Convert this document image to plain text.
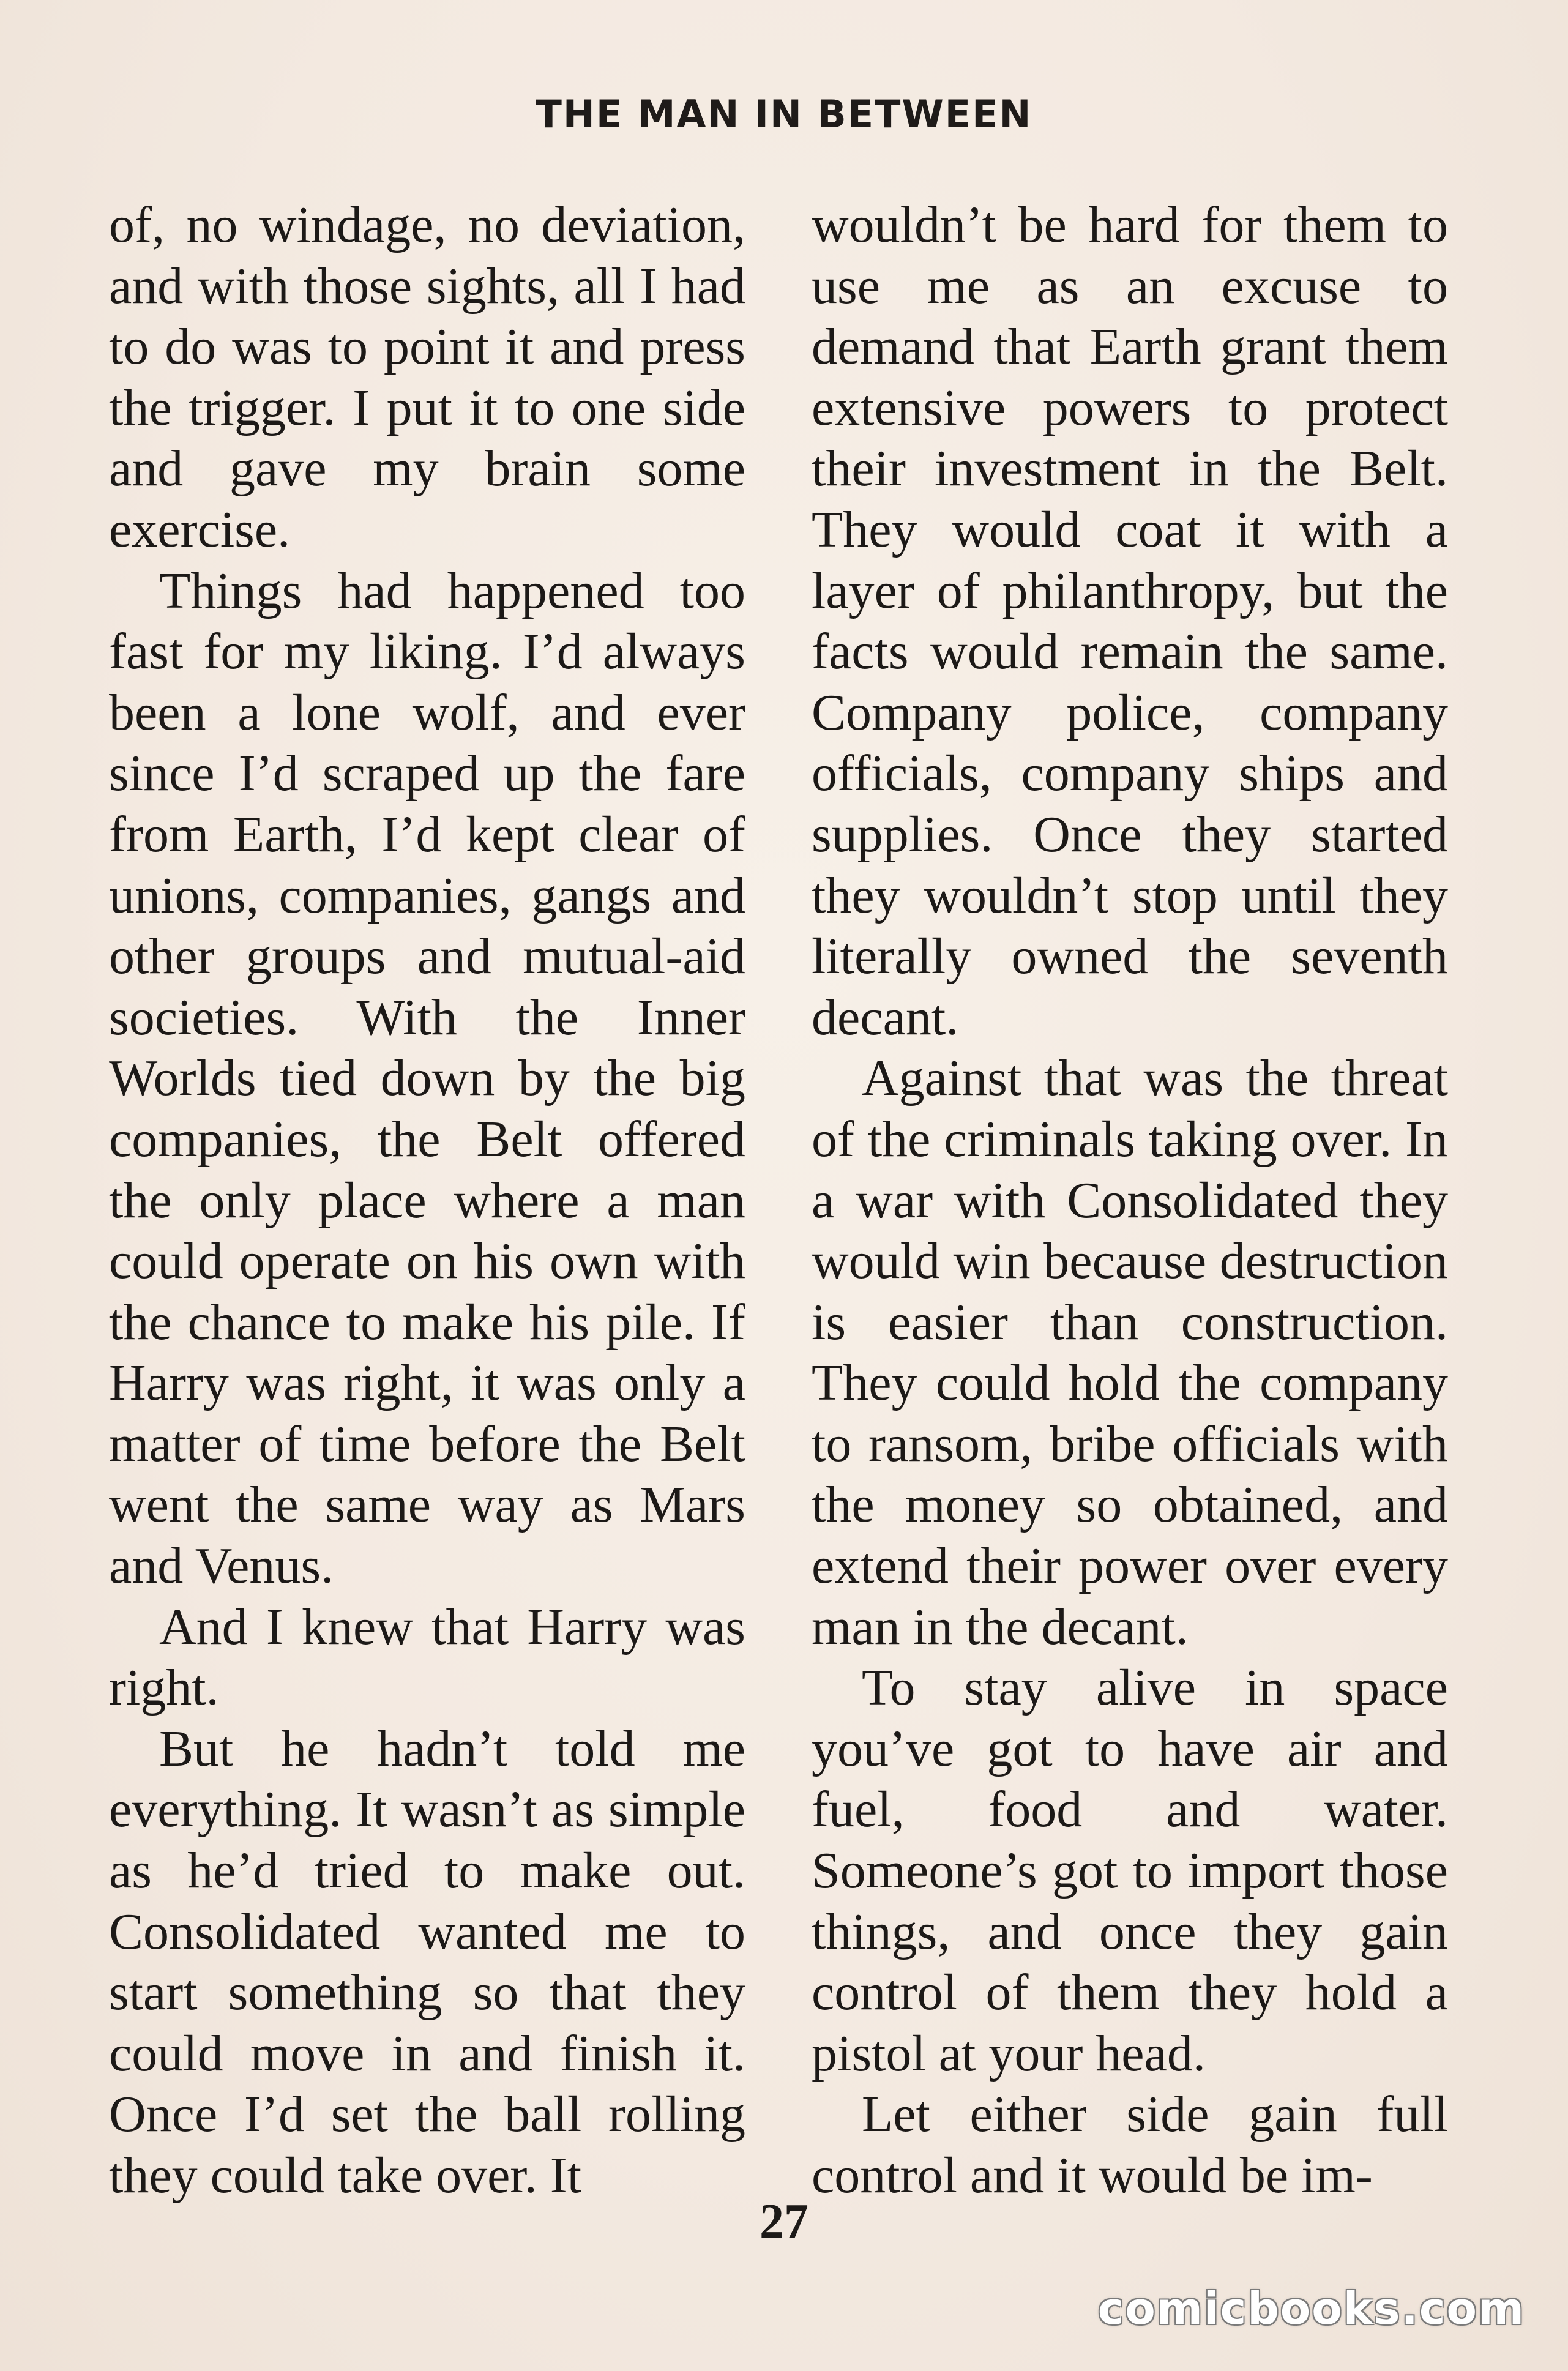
THE MAN IN BETWEEN

of, no windage, no deviation, and with those sights, all I had to do was to point it and press the trigger. I put it to one side and gave my brain some exercise.

Things had happened too fast for my liking. I’d always been a lone wolf, and ever since I’d scraped up the fare from Earth, I’d kept clear of unions, companies, gangs and other groups and mutual-aid societies. With the Inner Worlds tied down by the big companies, the Belt offered the only place where a man could operate on his own with the chance to make his pile. If Harry was right, it was only a matter of time before the Belt went the same way as Mars and Venus.

And I knew that Harry was right.

But he hadn’t told me everything. It wasn’t as simple as he’d tried to make out. Consolidated wanted me to start something so that they could move in and finish it. Once I’d set the ball rolling they could take over. It

wouldn’t be hard for them to use me as an excuse to demand that Earth grant them extensive powers to protect their investment in the Belt. They would coat it with a layer of philanthropy, but the facts would remain the same. Company police, company officials, company ships and supplies. Once they started they wouldn’t stop until they literally owned the seventh decant.

Against that was the threat of the criminals taking over. In a war with Consolidated they would win because destruction is easier than construction. They could hold the company to ransom, bribe officials with the money so obtained, and extend their power over every man in the decant.

To stay alive in space you’ve got to have air and fuel, food and water. Someone’s got to import those things, and once they gain control of them they hold a pistol at your head.

Let either side gain full control and it would be im-

27
comicbooks.com
